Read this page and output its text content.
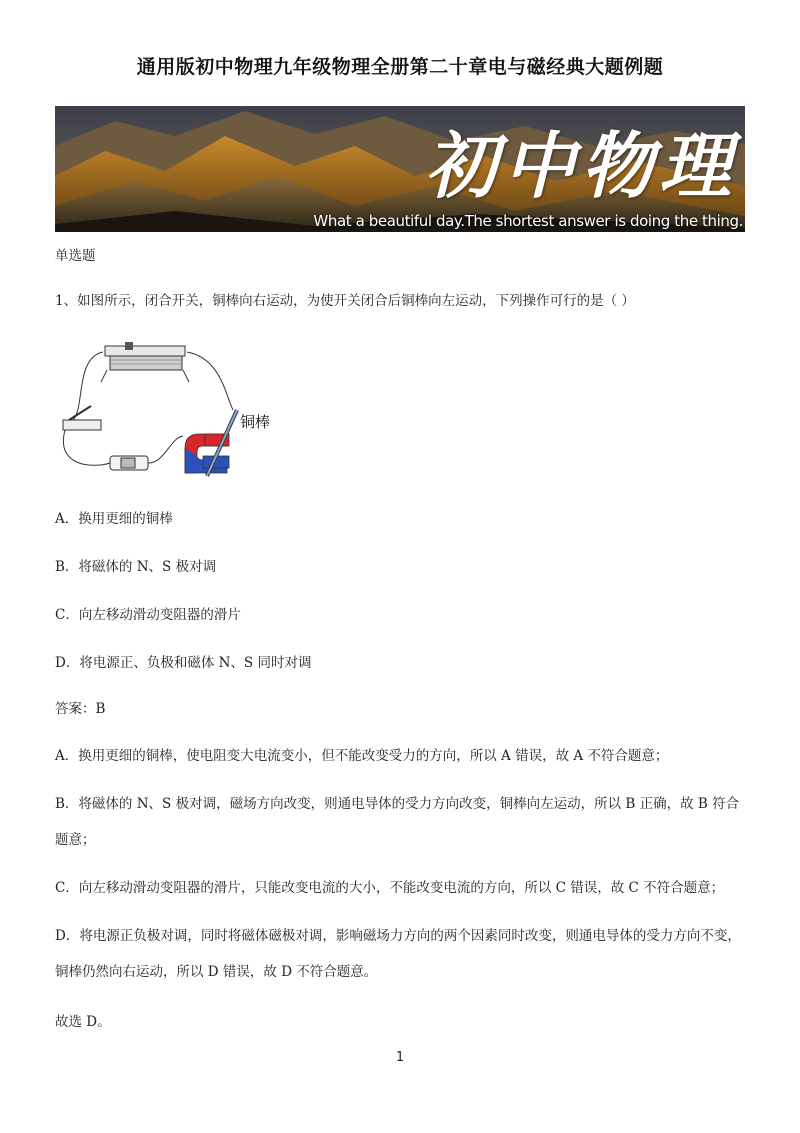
通用版初中物理九年级物理全册第二十章电与磁经典大题例题
初中物理
What a beautiful day.The shortest answer is doing the thing.
单选题
1、如图所示，闭合开关，铜棒向右运动，为使开关闭合后铜棒向左运动，下列操作可行的是（ ）
铜棒
A．换用更细的铜棒
B．将磁体的 N、S 极对调
C．向左移动滑动变阻器的滑片
D．将电源正、负极和磁体 N、S 同时对调
答案：B
A．换用更细的铜棒，使电阻变大电流变小，但不能改变受力的方向，所以 A 错误，故 A 不符合题意；
B．将磁体的 N、S 极对调，磁场方向改变，则通电导体的受力方向改变，铜棒向左运动，所以 B 正确，故 B 符合题意；
C．向左移动滑动变阻器的滑片，只能改变电流的大小，不能改变电流的方向，所以 C 错误，故 C 不符合题意；
D．将电源正负极对调，同时将磁体磁极对调，影响磁场力方向的两个因素同时改变，则通电导体的受力方向不变，铜棒仍然向右运动，所以 D 错误，故 D 不符合题意。
故选 D。
1
